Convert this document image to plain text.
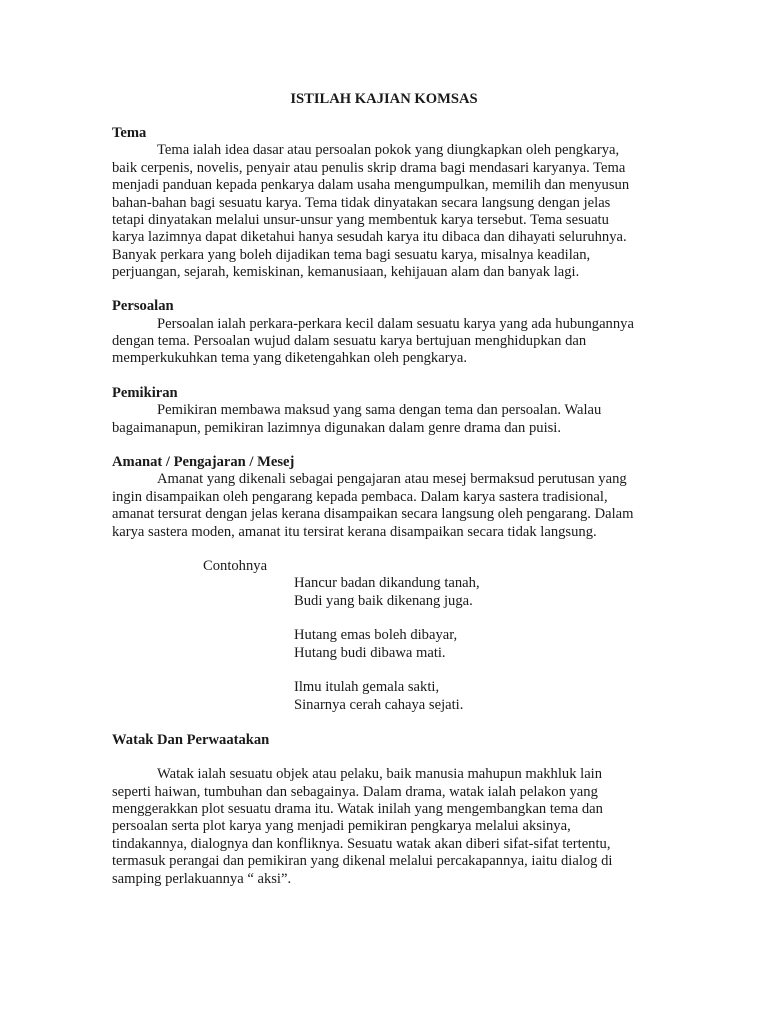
ISTILAH KAJIAN KOMSAS
Tema
Tema ialah idea dasar atau persoalan pokok yang diungkapkan oleh pengkarya,
baik cerpenis, novelis, penyair atau penulis skrip drama bagi mendasari karyanya. Tema
menjadi panduan kepada penkarya dalam usaha mengumpulkan, memilih dan menyusun
bahan-bahan bagi sesuatu karya. Tema tidak dinyatakan secara langsung dengan jelas
tetapi dinyatakan melalui unsur-unsur yang membentuk karya tersebut. Tema sesuatu
karya lazimnya dapat diketahui hanya sesudah karya itu dibaca dan dihayati seluruhnya.
Banyak perkara yang boleh dijadikan tema bagi sesuatu karya, misalnya keadilan,
perjuangan, sejarah, kemiskinan, kemanusiaan, kehijauan alam dan banyak lagi.
Persoalan
Persoalan ialah perkara-perkara kecil dalam sesuatu karya yang ada hubungannya
dengan tema. Persoalan wujud dalam sesuatu karya bertujuan menghidupkan dan
memperkukuhkan tema yang diketengahkan oleh pengkarya.
Pemikiran
Pemikiran membawa maksud yang sama dengan tema dan persoalan. Walau
bagaimanapun, pemikiran lazimnya digunakan dalam genre drama dan puisi.
Amanat / Pengajaran / Mesej
Amanat yang dikenali sebagai pengajaran atau mesej bermaksud perutusan yang
ingin disampaikan oleh pengarang kepada pembaca. Dalam karya sastera tradisional,
amanat tersurat dengan jelas kerana disampaikan secara langsung oleh pengarang. Dalam
karya sastera moden, amanat itu tersirat kerana disampaikan secara tidak langsung.
Contohnya
Hancur badan dikandung tanah,
Budi yang baik dikenang juga.
Hutang emas boleh dibayar,
Hutang budi dibawa mati.
Ilmu itulah gemala sakti,
Sinarnya cerah cahaya sejati.
Watak Dan Perwaatakan
Watak ialah sesuatu objek atau pelaku, baik manusia mahupun makhluk lain
seperti haiwan, tumbuhan dan sebagainya. Dalam drama, watak ialah pelakon yang
menggerakkan plot sesuatu drama itu. Watak inilah yang mengembangkan tema dan
persoalan serta plot karya yang menjadi pemikiran pengkarya melalui aksinya,
tindakannya, dialognya dan konfliknya. Sesuatu watak akan diberi sifat-sifat tertentu,
termasuk perangai dan pemikiran yang dikenal melalui percakapannya, iaitu dialog di
samping perlakuannya “ aksi”.
